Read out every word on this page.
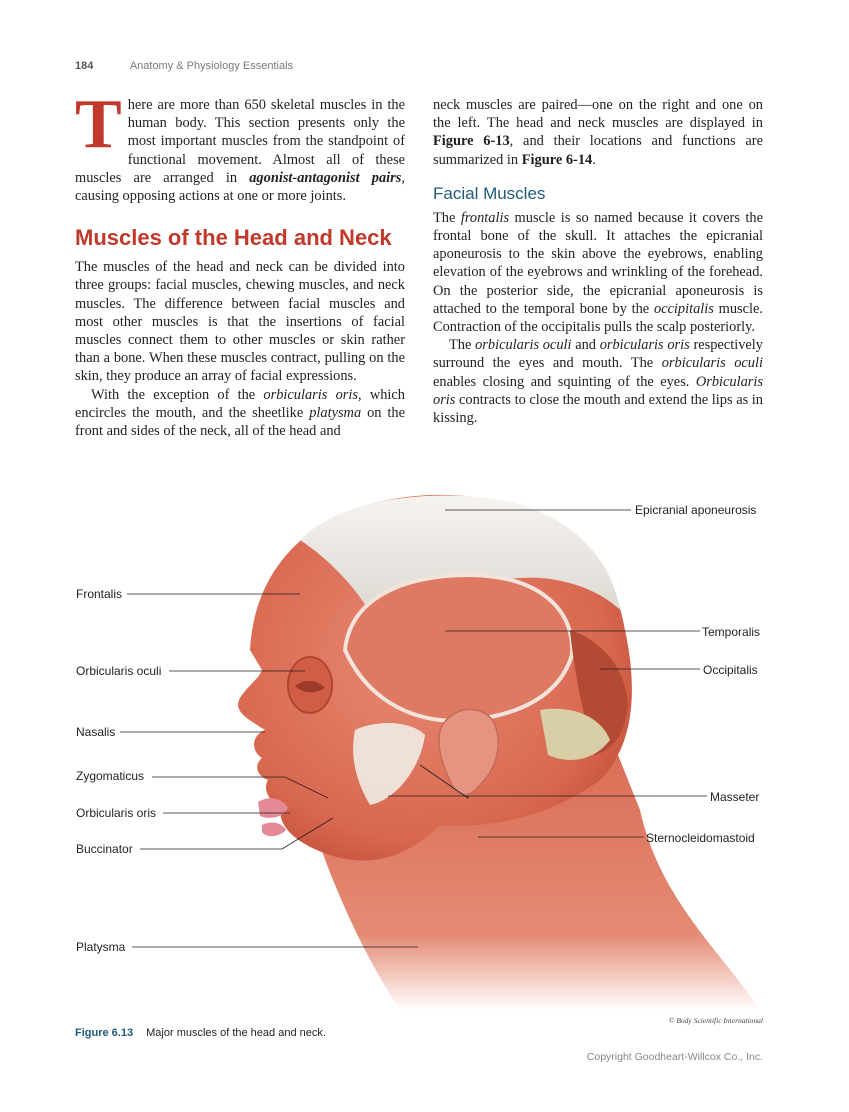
184	Anatomy & Physiology Essentials

There are more than 650 skeletal muscles in the human body. This section presents only the most important muscles from the standpoint of functional movement. Almost all of these muscles are arranged in agonist-antagonist pairs, causing opposing actions at one or more joints.

Muscles of the Head and Neck

The muscles of the head and neck can be divided into three groups: facial muscles, chewing muscles, and neck muscles. The difference between facial muscles and most other muscles is that the insertions of facial muscles connect them to other muscles or skin rather than a bone. When these muscles contract, pulling on the skin, they produce an array of facial expressions.

With the exception of the orbicularis oris, which encircles the mouth, and the sheetlike platysma on the front and sides of the neck, all of the head and

neck muscles are paired—one on the right and one on the left. The head and neck muscles are displayed in Figure 6-13, and their locations and functions are summarized in Figure 6-14.

Facial Muscles

The frontalis muscle is so named because it covers the frontal bone of the skull. It attaches the epicranial aponeurosis to the skin above the eyebrows, enabling elevation of the eyebrows and wrinkling of the forehead. On the posterior side, the epicranial aponeurosis is attached to the temporal bone by the occipitalis muscle. Contraction of the occipitalis pulls the scalp posteriorly.

The orbicularis oculi and orbicularis oris respectively surround the eyes and mouth. The orbicularis oculi enables closing and squinting of the eyes. Orbicularis oris contracts to close the mouth and extend the lips as in kissing.

Epicranial aponeurosis
Frontalis
Temporalis
Occipitalis
Orbicularis oculi
Nasalis
Zygomaticus
Masseter
Orbicularis oris
Sternocleidomastoid
Buccinator
Platysma
© Body Scientific International
Figure 6.13 Major muscles of the head and neck.
Copyright Goodheart-Willcox Co., Inc.
